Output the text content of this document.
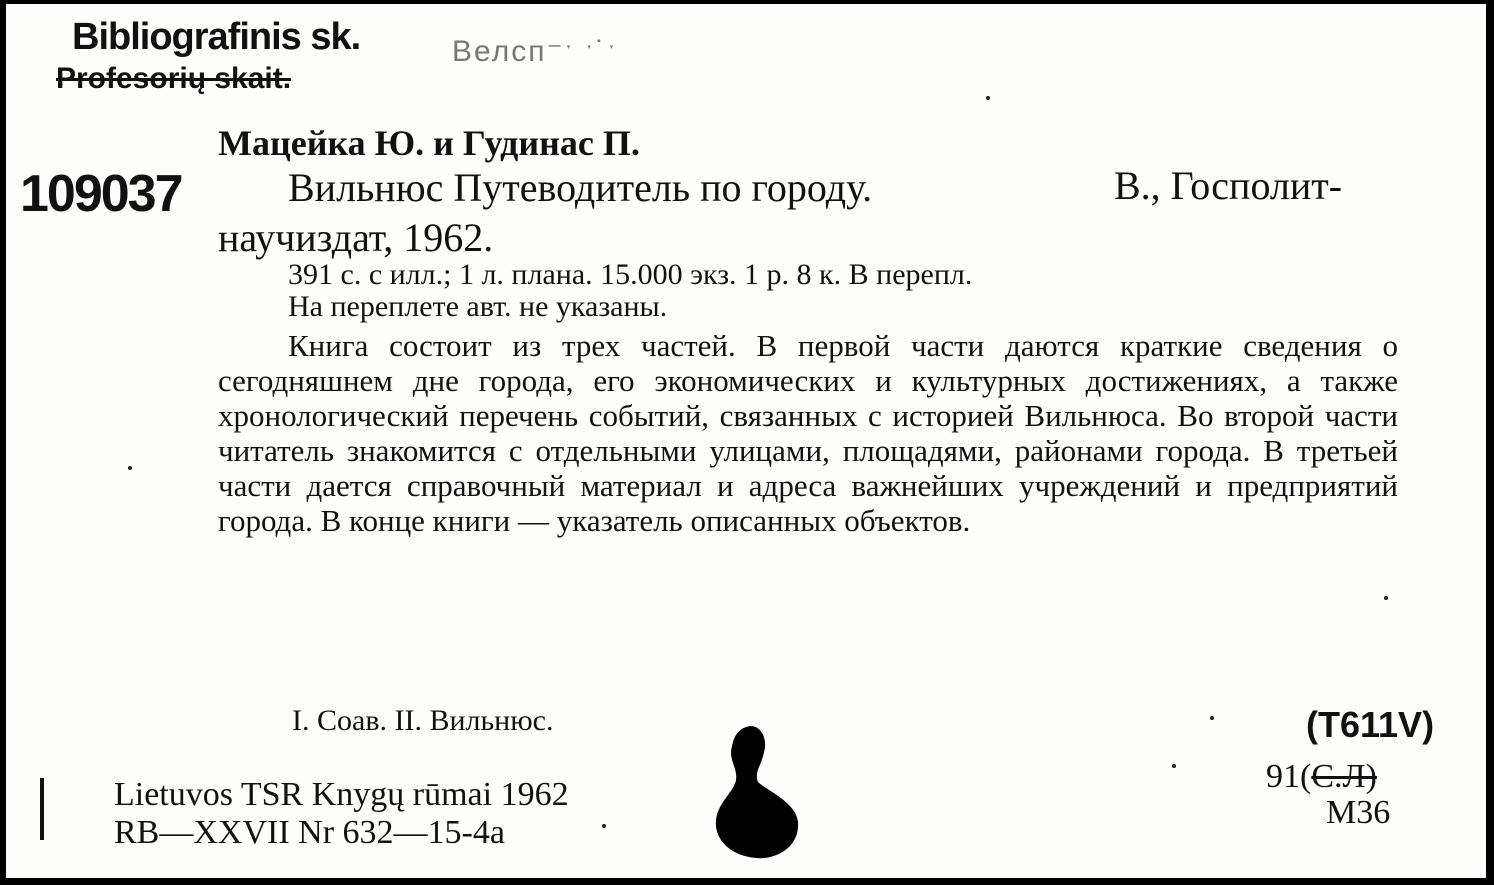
Bibliografinis sk.
Profesorių skait.
Велсп⁻ˑ ˑ˙ˑ
Мацейка Ю. и Гудинас П.
109037	Вильнюс Путеводитель по городу.	В., Госполит-
научиздат, 1962.
391 с. с илл.; 1 л. плана. 15.000 экз. 1 р. 8 к. В перепл.
На переплете авт. не указаны.
Книга состоит из трех частей. В первой части даются краткие сведения о сегодняшнем дне города, его экономических и культурных достижениях, а также хронологический перечень событий, связанных с историей Вильнюса. Во второй части читатель знакомится с отдельными улицами, площадями, районами города. В третьей части дается справочный материал и адреса важнейших учреждений и предприятий города. В конце книги — указатель описанных объектов.
I. Соав. II. Вильнюс.
Lietuvos TSR Knygų rūmai 1962
RB—XXVII Nr 632—15-4a
(Т611V)
91(С.Л)
М36
